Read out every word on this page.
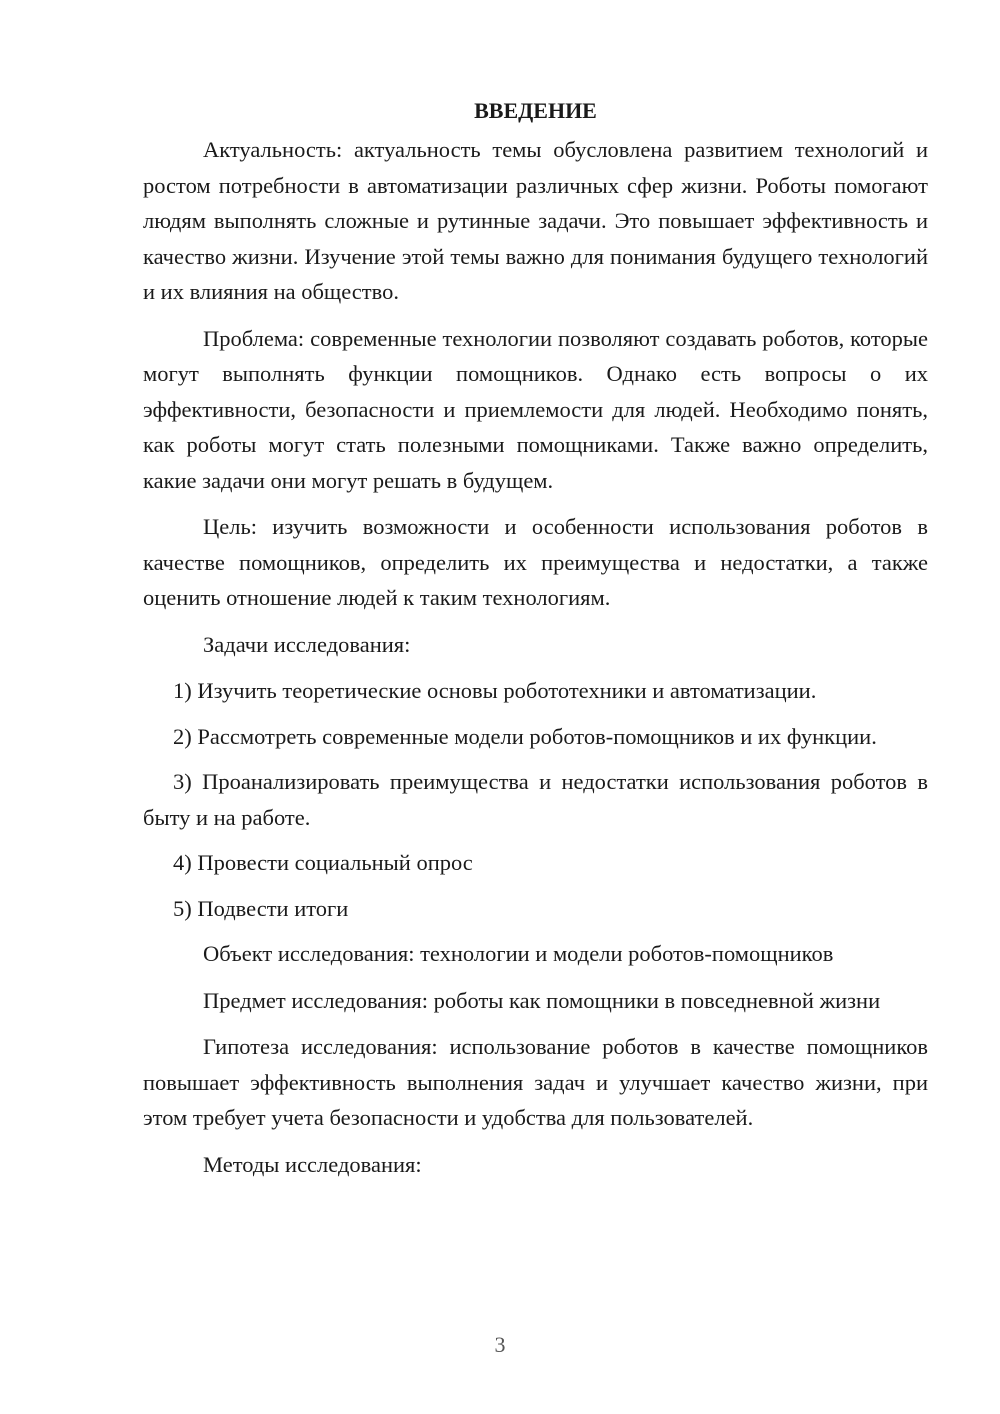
ВВЕДЕНИЕ

Актуальность: актуальность темы обусловлена развитием технологий и ростом потребности в автоматизации различных сфер жизни. Роботы помогают людям выполнять сложные и рутинные задачи. Это повышает эффективность и качество жизни. Изучение этой темы важно для понимания будущего технологий и их влияния на общество.

Проблема: современные технологии позволяют создавать роботов, которые могут выполнять функции помощников. Однако есть вопросы о их эффективности, безопасности и приемлемости для людей. Необходимо понять, как роботы могут стать полезными помощниками. Также важно определить, какие задачи они могут решать в будущем.

Цель: изучить возможности и особенности использования роботов в качестве помощников, определить их преимущества и недостатки, а также оценить отношение людей к таким технологиям.

Задачи исследования:

1) Изучить теоретические основы робототехники и автоматизации.

2) Рассмотреть современные модели роботов-помощников и их функции.

3) Проанализировать преимущества и недостатки использования роботов в быту и на работе.

4) Провести социальный опрос

5) Подвести итоги

Объект исследования: технологии и модели роботов-помощников

Предмет исследования: роботы как помощники в повседневной жизни

Гипотеза исследования: использование роботов в качестве помощников повышает эффективность выполнения задач и улучшает качество жизни, при этом требует учета безопасности и удобства для пользователей.

Методы исследования:

3
